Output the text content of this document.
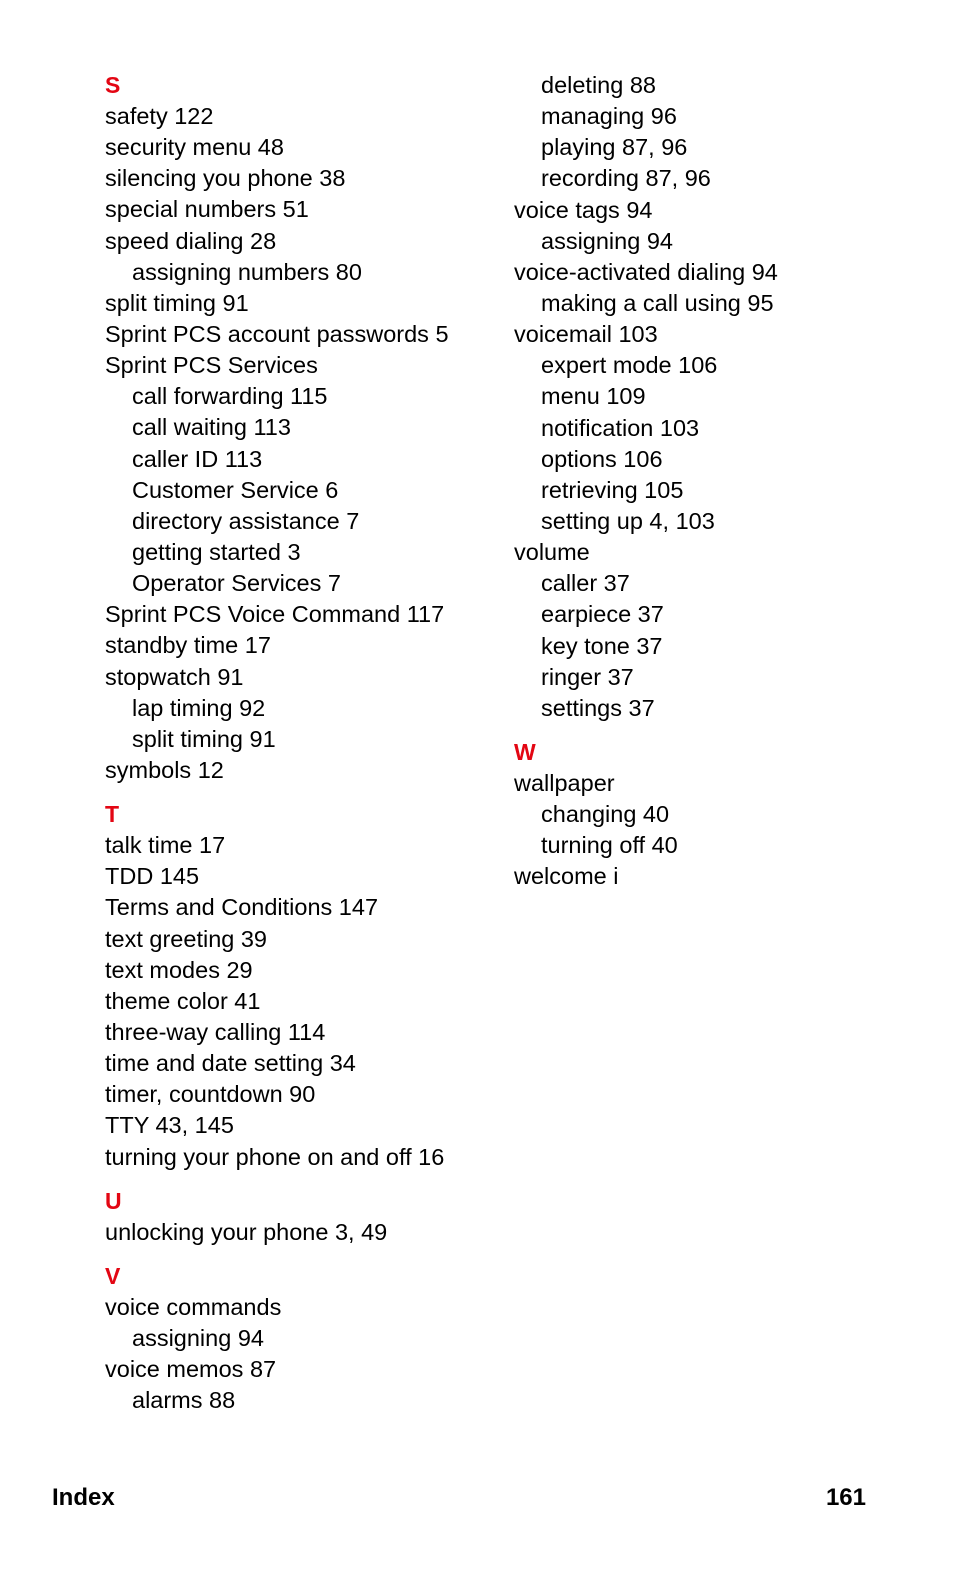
S
safety 122
security menu 48
silencing you phone 38
special numbers 51
speed dialing 28
assigning numbers 80
split timing 91
Sprint PCS account passwords 5
Sprint PCS Services
call forwarding 115
call waiting 113
caller ID 113
Customer Service 6
directory assistance 7
getting started 3
Operator Services 7
Sprint PCS Voice Command 117
standby time 17
stopwatch 91
lap timing 92
split timing 91
symbols 12
T
talk time 17
TDD 145
Terms and Conditions 147
text greeting 39
text modes 29
theme color 41
three-way calling 114
time and date setting 34
timer, countdown 90
TTY 43, 145
turning your phone on and off 16
U
unlocking your phone 3, 49
V
voice commands
assigning 94
voice memos 87
alarms 88
deleting 88
managing 96
playing 87, 96
recording 87, 96
voice tags 94
assigning 94
voice-activated dialing 94
making a call using 95
voicemail 103
expert mode 106
menu 109
notification 103
options 106
retrieving 105
setting up 4, 103
volume
caller 37
earpiece 37
key tone 37
ringer 37
settings 37
W
wallpaper
changing 40
turning off 40
welcome i
Index	161
